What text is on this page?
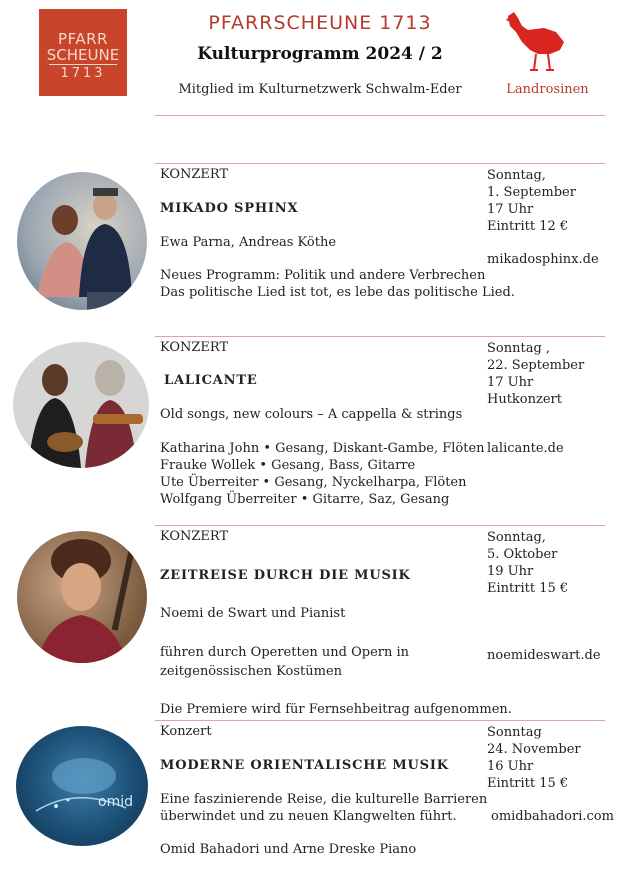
PFARR
SCHEUNE
1713
PFARRSCHEUNE 1713
Kulturprogramm 2024 / 2
Mitglied im Kulturnetzwerk Schwalm-Eder	Landrosinen
KONZERT
MIKADO SPHINX
Ewa Parna, Andreas Köthe
Neues Programm: Politik und andere Verbrechen
Das politische Lied ist tot, es lebe das politische Lied.
Sonntag,
1. September
17 Uhr
Eintritt 12 €
mikadosphinx.de
KONZERT
LALICANTE
Old songs, new colours – A cappella & strings
Katharina John • Gesang, Diskant-Gambe, Flöten
Frauke Wollek • Gesang, Bass, Gitarre
Ute Überreiter • Gesang, Nyckelharpa, Flöten
Wolfgang Überreiter • Gitarre, Saz, Gesang
Sonntag ,
22. September
17 Uhr
Hutkonzert
lalicante.de
KONZERT
ZEITREISE DURCH DIE MUSIK
Noemi de Swart und Pianist
führen durch Operetten und Opern in
zeitgenössischen Kostümen
Die Premiere wird für Fernsehbeitrag aufgenommen.
Sonntag,
5. Oktober
19 Uhr
Eintritt 15 €
noemideswart.de
omid
Konzert
MODERNE ORIENTALISCHE MUSIK
Eine faszinierende Reise, die kulturelle Barrieren
überwindet und zu neuen Klangwelten führt.
Omid Bahadori und Arne Dreske Piano
Sonntag
24. November
16 Uhr
Eintritt 15 €
omidbahadori.com
